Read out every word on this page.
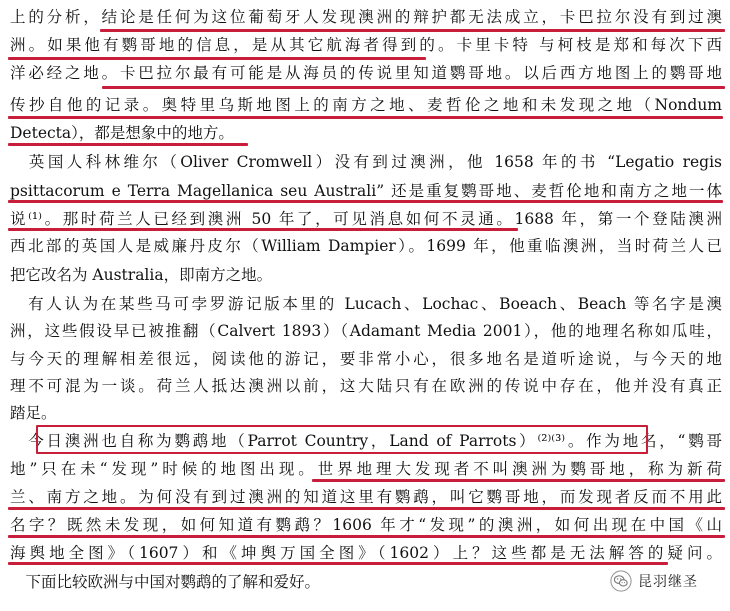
上的分析，结论是任何为这位葡萄牙人发现澳洲的辩护都无法成立，卡巴拉尔没有到过澳
洲。如果他有鹦哥地的信息，是从其它航海者得到的。卡里卡特 与柯枝是郑和每次下西
洋必经之地。卡巴拉尔最有可能是从海员的传说里知道鹦哥地。以后西方地图上的鹦哥地
传抄自他的记录。奥特里乌斯地图上的南方之地、麦哲伦之地和未发现之地（Nondum
Detecta），都是想象中的地方。
　英国人科林维尔（Oliver Cromwell）没有到过澳洲，他 1658 年的书 “Legatio regis
psittacorum e Terra Magellanica seu Australi” 还是重复鹦哥地、麦哲伦地和南方之地一体
说⁽¹⁾。那时荷兰人已经到澳洲 50 年了，可见消息如何不灵通。1688 年，第一个登陆澳洲
西北部的英国人是威廉丹皮尔（William Dampier）。1699 年，他重临澳洲，当时荷兰人已
把它改名为 Australia，即南方之地。
　有人认为在某些马可孛罗游记版本里的 Lucach、Lochac、Boeach、Beach 等名字是澳
洲，这些假设早已被推翻（Calvert 1893）（Adamant Media 2001），他的地理名称如瓜哇，
与今天的理解相差很远，阅读他的游记，要非常小心，很多地名是道听途说，与今天的地
理不可混为一谈。荷兰人抵达澳洲以前，这大陆只有在欧洲的传说中存在，他并没有真正
踏足。
　今日澳洲也自称为鹦鹉地（Parrot Country，Land of Parrots）⁽²⁾⁽³⁾。作为地名，“鹦哥
地”只在未“发现”时候的地图出现。世界地理大发现者不叫澳洲为鹦哥地，称为新荷
兰、南方之地。为何没有到过澳洲的知道这里有鹦鹉，叫它鹦哥地，而发现者反而不用此
名字？既然未发现，如何知道有鹦鹉？1606 年才“发现”的澳洲，如何出现在中国《山
海舆地全图》（1607）和《坤舆万国全图》（1602）上？这些都是无法解答的疑问。
　下面比较欧洲与中国对鹦鹉的了解和爱好。	昆羽继圣
